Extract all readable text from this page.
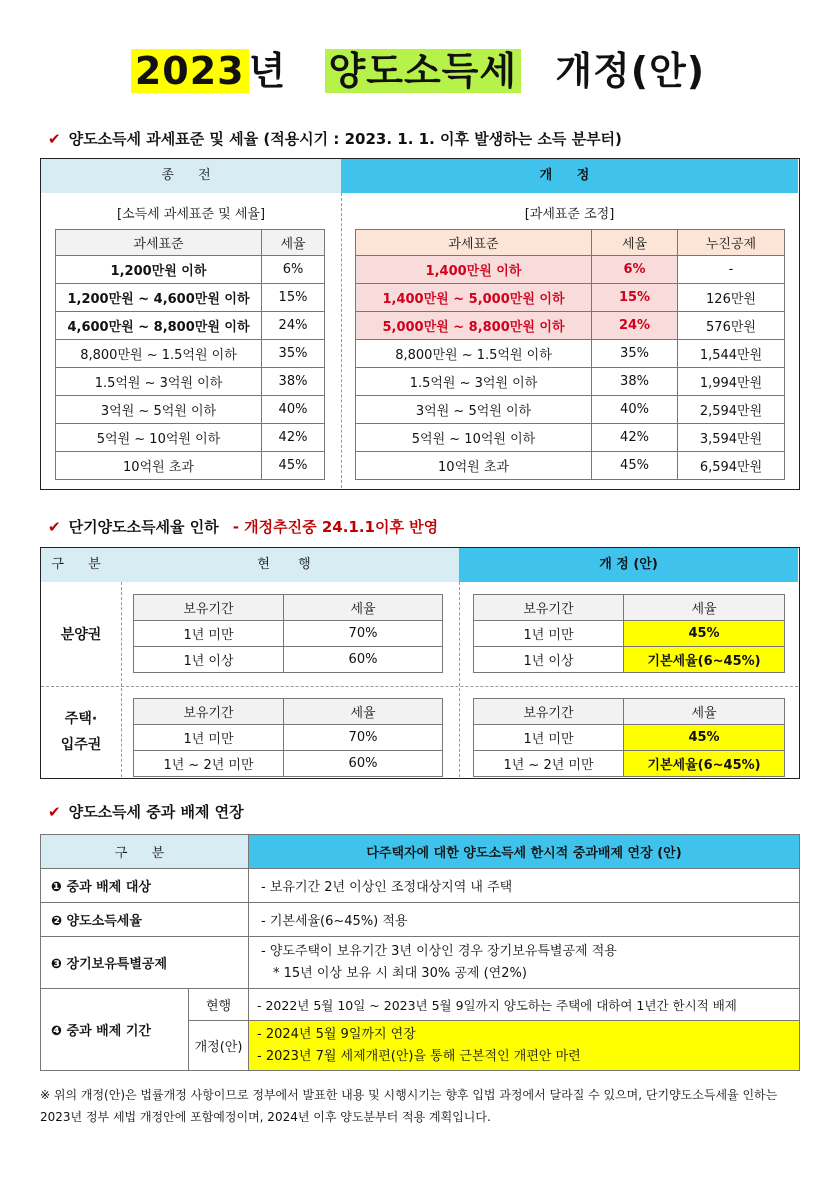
2023 년 양도소득세 개정(안)
✔ 양도소득세 과세표준 및 세율 (적용시기 : 2023. 1. 1. 이후 발생하는 소득 분부터)
종 전	개 정
[소득세 과세표준 및 세율]	[과세표준 조정]
과세표준	세율
1,200만원 이하	6%
1,200만원 ~ 4,600만원 이하	15%
4,600만원 ~ 8,800만원 이하	24%
8,800만원 ~ 1.5억원 이하	35%
1.5억원 ~ 3억원 이하	38%
3억원 ~ 5억원 이하	40%
5억원 ~ 10억원 이하	42%
10억원 초과	45%
과세표준	세율	누진공제
1,400만원 이하	6%	-
1,400만원 ~ 5,000만원 이하	15%	126만원
5,000만원 ~ 8,800만원 이하	24%	576만원
8,800만원 ~ 1.5억원 이하	35%	1,544만원
1.5억원 ~ 3억원 이하	38%	1,994만원
3억원 ~ 5억원 이하	40%	2,594만원
5억원 ~ 10억원 이하	42%	3,594만원
10억원 초과	45%	6,594만원
✔ 단기양도소득세율 인하 - 개정추진중 24.1.1이후 반영
구 분	현 행	개 정 (안)
분양권
주택·
입주권
보유기간	세율
1년 미만	70%
1년 이상	60%
보유기간	세율
1년 미만	45%
1년 이상	기본세율(6~45%)
보유기간	세율
1년 미만	70%
1년 ~ 2년 미만	60%
보유기간	세율
1년 미만	45%
1년 ~ 2년 미만	기본세율(6~45%)
✔ 양도소득세 중과 배제 연장
구 분		다주택자에 대한 양도소득세 한시적 중과배제 연장 (안)
❶ 중과 배제 대상		- 보유기간 2년 이상인 조정대상지역 내 주택
❷ 양도소득세율		- 기본세율(6~45%) 적용
❸ 장기보유특별공제		- 양도주택이 보유기간 3년 이상인 경우 장기보유특별공제 적용
* 15년 이상 보유 시 최대 30% 공제 (연2%)

❹ 중과 배제 기간	현행	- 2022년 5월 10일 ~ 2023년 5월 9일까지 양도하는 주택에 대하여 1년간 한시적 배제
	개정(안)	- 2024년 5월 9일까지 연장
- 2023년 7월 세제개편(안)을 통해 근본적인 개편안 마련
※ 위의 개정(안)은 법률개정 사항이므로 정부에서 발표한 내용 및 시행시기는 향후 입법 과정에서 달라질 수 있으며, 단기양도소득세율 인하는 2023년 정부 세법 개정안에 포함예정이며, 2024년 이후 양도분부터 적용 계획입니다.
